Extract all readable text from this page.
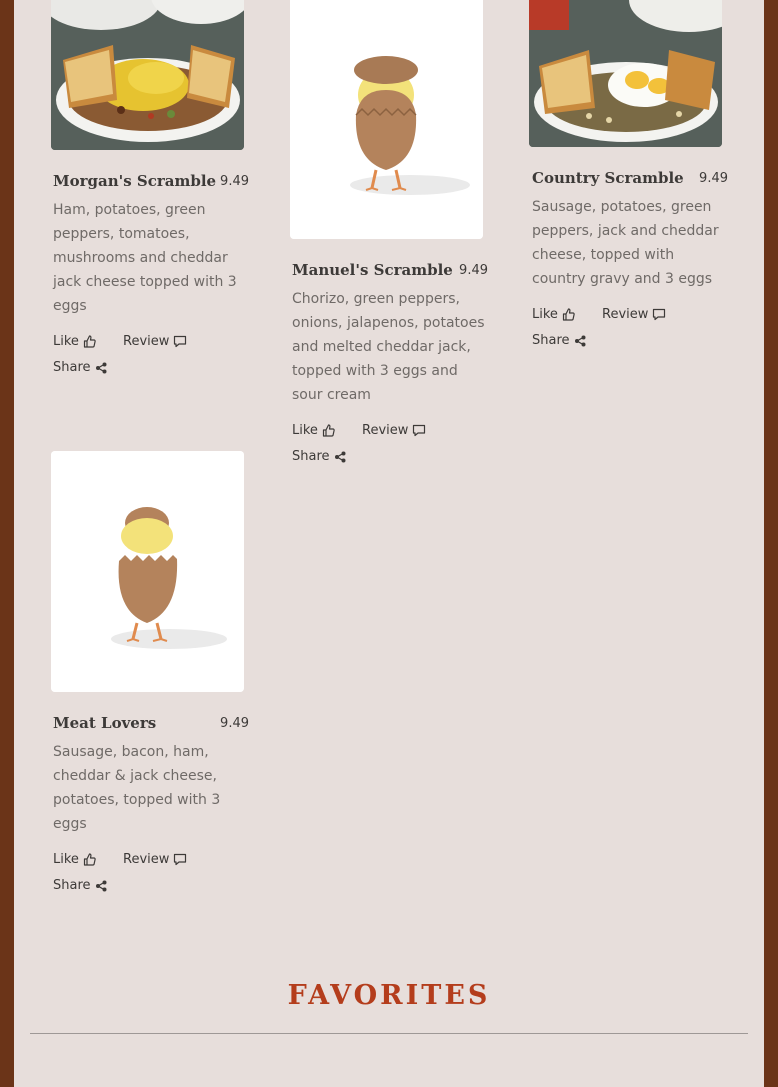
Morgan's Scramble 9.49
Ham, potatoes, green peppers, tomatoes, mushrooms and cheddar jack cheese topped with 3 eggs
Like	Review
Share
Manuel's Scramble 9.49
Chorizo, green peppers, onions, jalapenos, potatoes and melted cheddar jack, topped with 3 eggs and sour cream
Like	Review
Share
Country Scramble 9.49
Sausage, potatoes, green peppers, jack and cheddar cheese, topped with country gravy and 3 eggs
Like	Review
Share
Meat Lovers	9.49
Sausage, bacon, ham, cheddar & jack cheese, potatoes, topped with 3 eggs
Like	Review
Share
FAVORITES
